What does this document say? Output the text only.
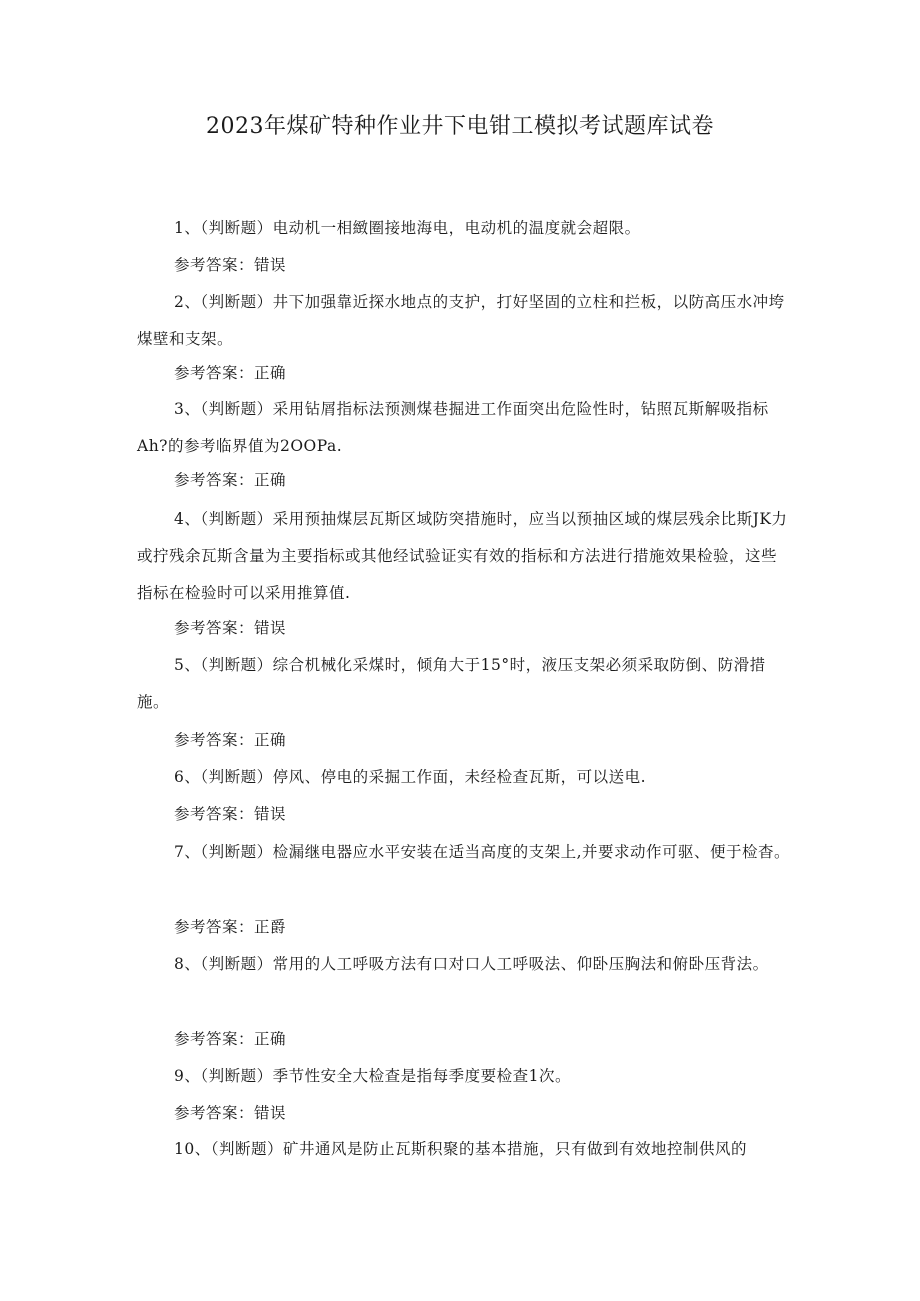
2023年煤矿特种作业井下电钳工模拟考试题库试卷
1、（判断题）电动机一相緻圈接地海电，电动机的温度就会超限。
参考答案：错误
2、（判断题）井下加强靠近探水地点的支护，打好坚固的立柱和拦板，以防高压水冲垮煤壁和支架。
参考答案：正确
3、（判断题）采用钻屑指标法预测煤巷掘进工作面突出危险性时，钻照瓦斯解吸指标Ah?的参考临界值为2OOPa.
参考答案：正确
4、（判断题）采用预抽煤层瓦斯区域防突措施时，应当以预抽区域的煤层残余比斯JK力或拧残余瓦斯含量为主要指标或其他经试验证实有效的指标和方法进行措施效果检验，这些指标在检验时可以采用推算值.
参考答案：错误
5、（判断题）综合机械化采煤时，倾角大于15°时，液压支架必须采取防倒、防滑措施。
参考答案：正确
6、（判断题）停风、停电的采掘工作面，未经检查瓦斯，可以送电.
参考答案：错误
7、（判断题）检漏继电器应水平安装在适当高度的支架上,并要求动作可驱、便于检杳。
参考答案：正爵
8、（判断题）常用的人工呼吸方法有口对口人工呼吸法、仰卧压胸法和俯卧压背法。
参考答案：正确
9、（判断题）季节性安全大检查是指每季度要检查1次。
参考答案：错误
10、（判断题）矿井通风是防止瓦斯积聚的基本措施，只有做到有效地控制供风的
